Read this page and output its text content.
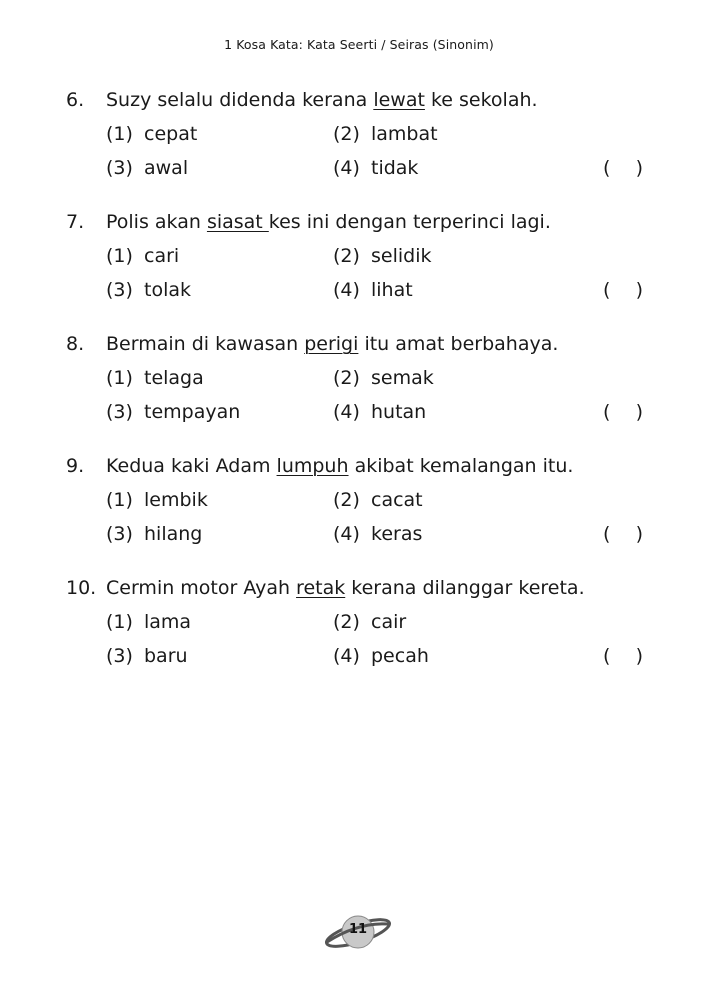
1 Kosa Kata: Kata Seerti / Seiras (Sinonim)
6.	Suzy selalu didenda kerana lewat ke sekolah.
(1) cepat	(2) lambat
(3) awal	(4) tidak	( )
7.	Polis akan siasat kes ini dengan terperinci lagi.
(1) cari	(2) selidik
(3) tolak	(4) lihat	( )
8.	Bermain di kawasan perigi itu amat berbahaya.
(1) telaga	(2) semak
(3) tempayan	(4) hutan	( )
9.	Kedua kaki Adam lumpuh akibat kemalangan itu.
(1) lembik	(2) cacat
(3) hilang	(4) keras	( )
10. Cermin motor Ayah retak kerana dilanggar kereta.
(1) lama	(2) cair
(3) baru	(4) pecah	( )
11
